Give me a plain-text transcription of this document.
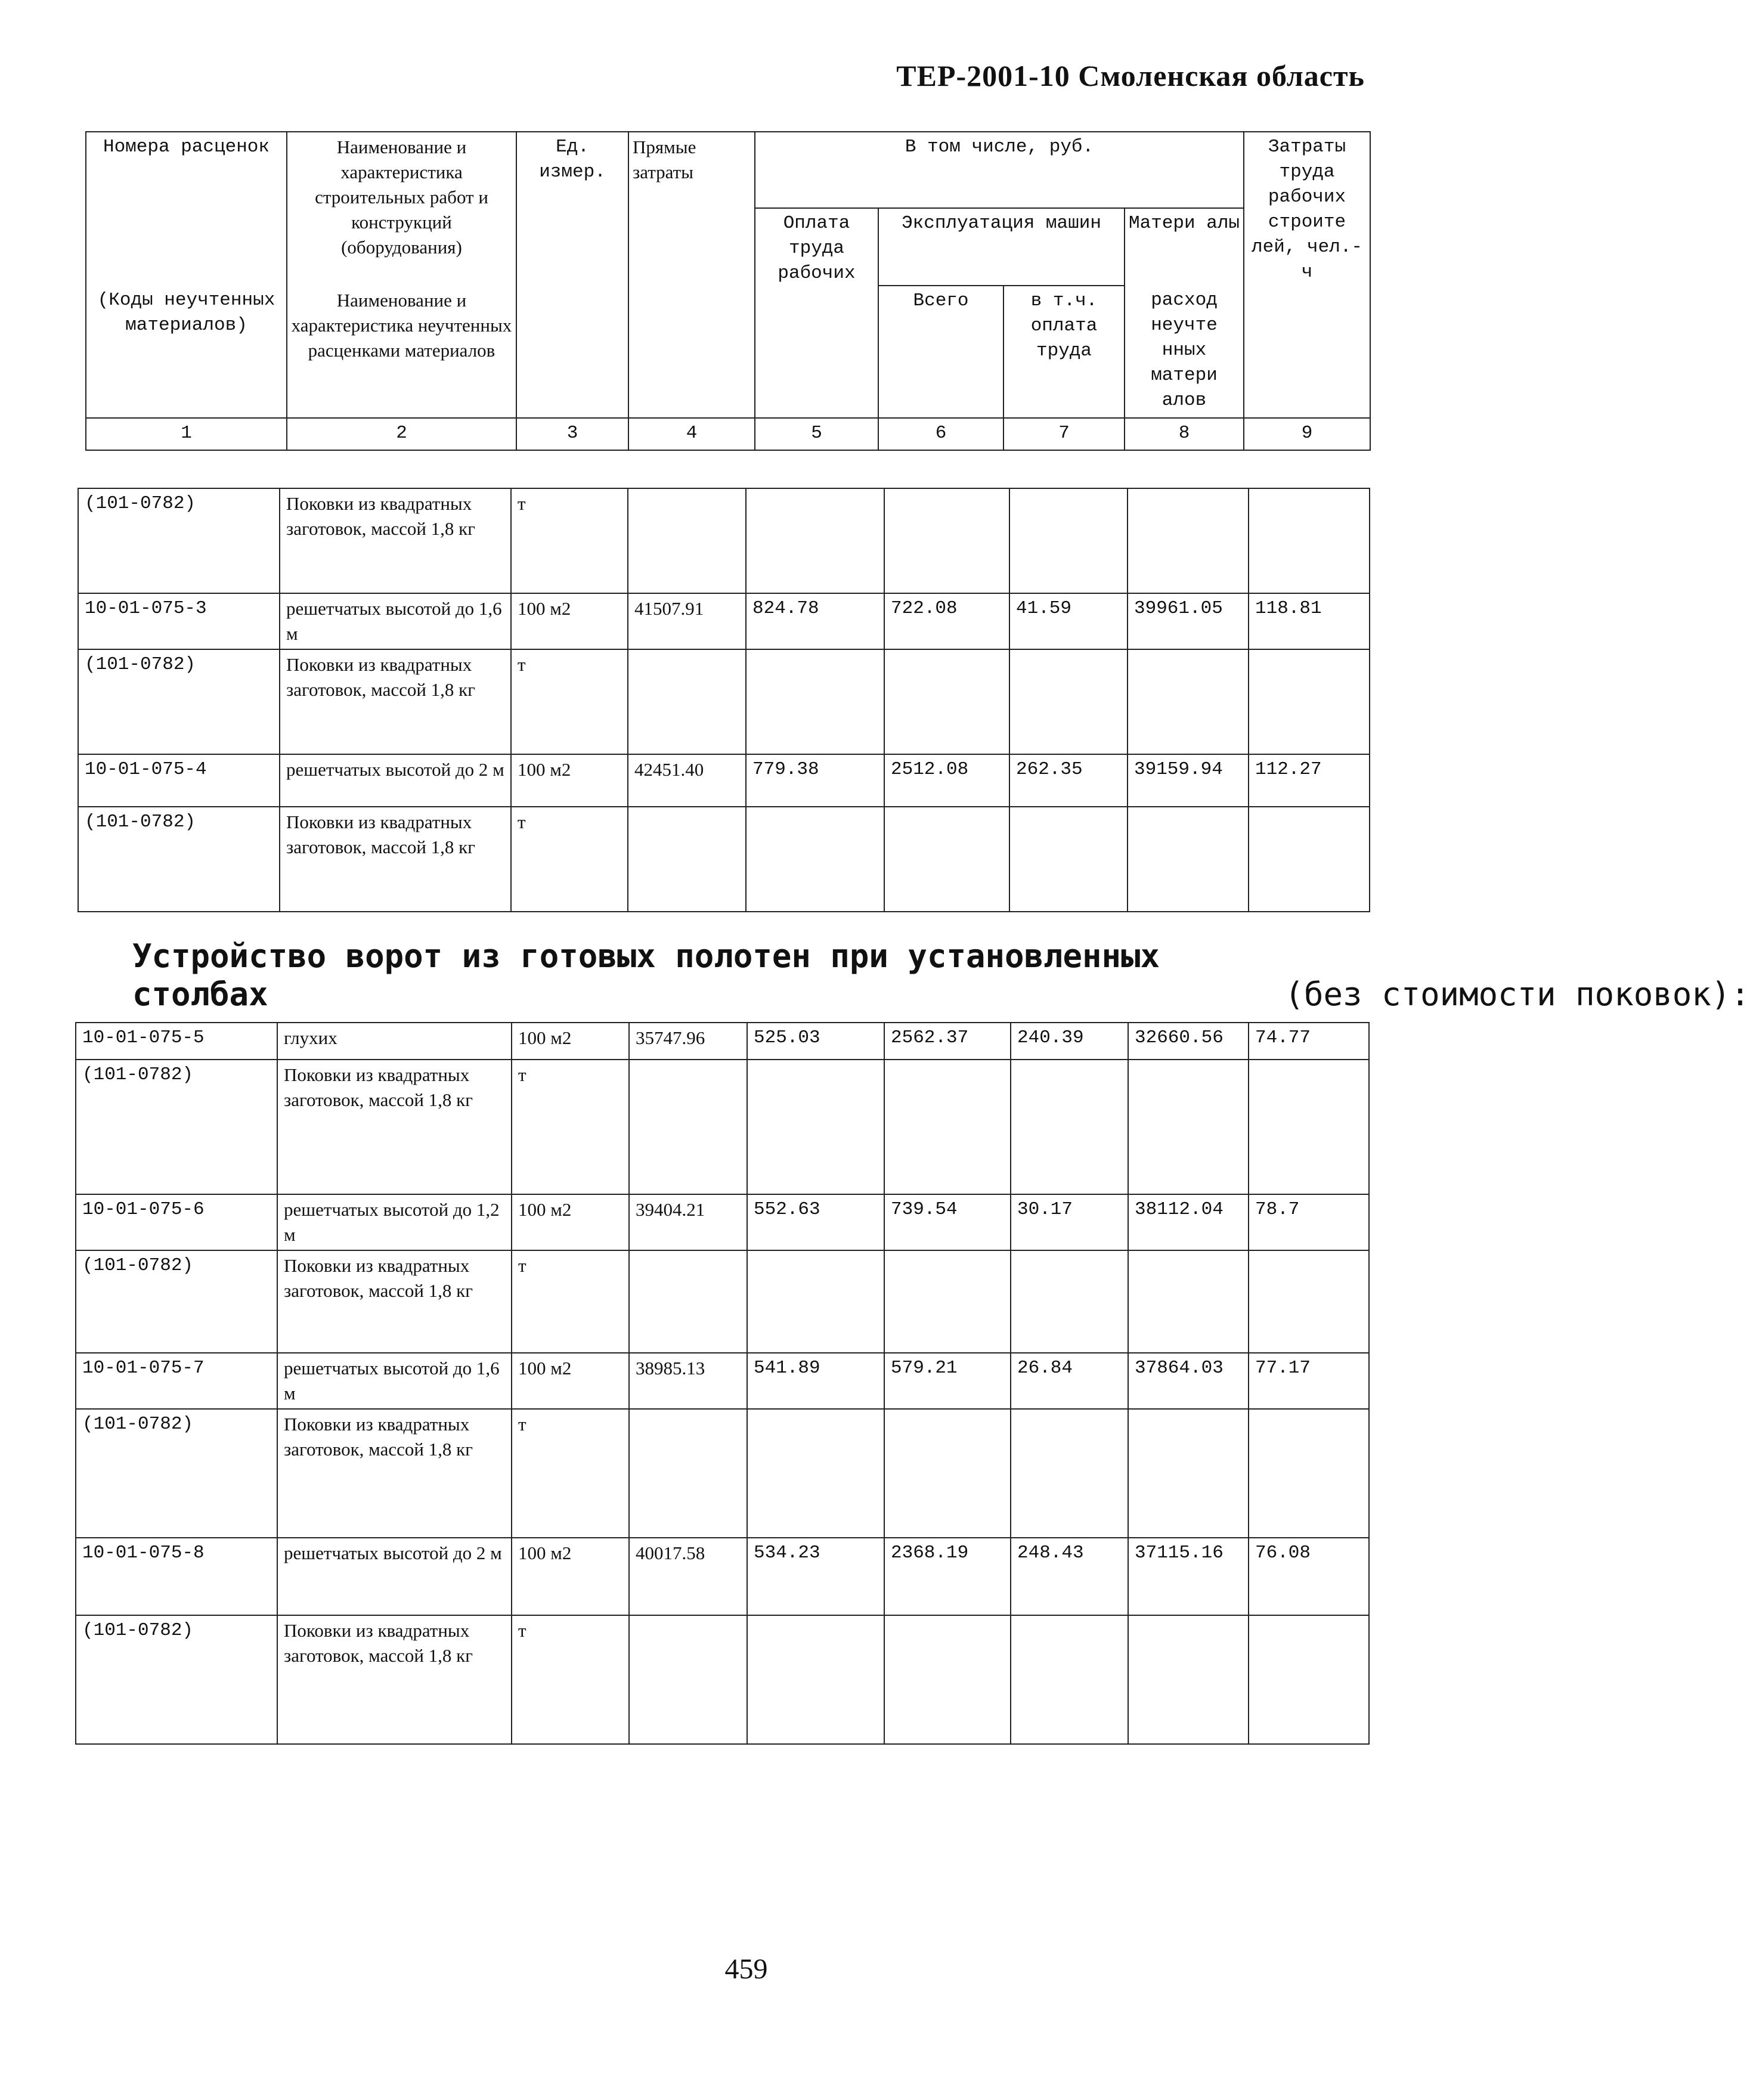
ТЕР-2001-10 Смоленская область
Номера расценок	Наименование и характеристика строительных работ и конструкций (оборудования)	Ед. измер.	Прямые затраты	В том числе, руб.				Затраты труда рабочих строите лей, чел.-ч
				Оплата труда рабочих	Эксплуатация машин		Матери алы	
(Коды неучтенных материалов)	Наименование и характеристика неучтенных расценками материалов				Всего	в т.ч. оплата труда	расход неучте нных матери алов	
1	2	3	4	5	6	7	8	9
(101-0782)	Поковки из квадратных заготовок, массой 1,8 кг	т						
10-01-075-3	решетчатых высотой до 1,6 м	100 м2	41507.91	824.78	722.08	41.59	39961.05	118.81
(101-0782)	Поковки из квадратных заготовок, массой 1,8 кг	т						
10-01-075-4	решетчатых высотой до 2 м	100 м2	42451.40	779.38	2512.08	262.35	39159.94	112.27
(101-0782)	Поковки из квадратных заготовок, массой 1,8 кг	т						
Устройство ворот из готовых полотен при установленных столбах	(без стоимости поковок):
10-01-075-5	глухих	100 м2	35747.96	525.03	2562.37	240.39	32660.56	74.77
(101-0782)	Поковки из квадратных заготовок, массой 1,8 кг	т						
10-01-075-6	решетчатых высотой до 1,2 м	100 м2	39404.21	552.63	739.54	30.17	38112.04	78.7
(101-0782)	Поковки из квадратных заготовок, массой 1,8 кг	т						
10-01-075-7	решетчатых высотой до 1,6 м	100 м2	38985.13	541.89	579.21	26.84	37864.03	77.17
(101-0782)	Поковки из квадратных заготовок, массой 1,8 кг	т						
10-01-075-8	решетчатых высотой до 2 м	100 м2	40017.58	534.23	2368.19	248.43	37115.16	76.08
(101-0782)	Поковки из квадратных заготовок, массой 1,8 кг	т						
459
